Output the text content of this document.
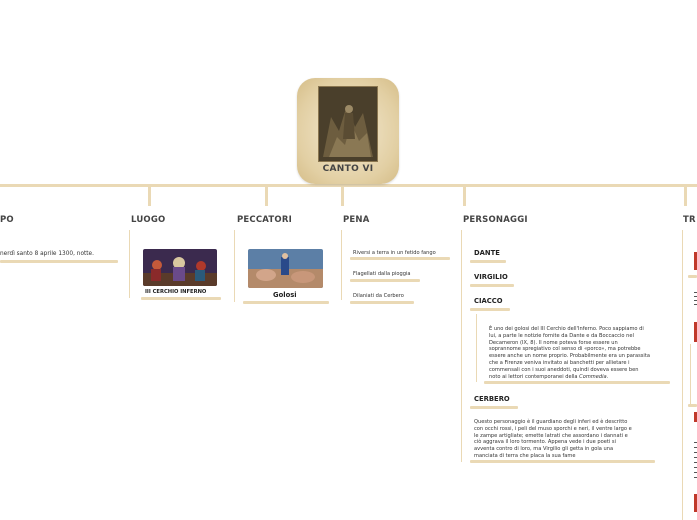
CANTO VI
PO
nerdì santo 8 aprile 1300, notte.
LUOGO
III CERCHIO INFERNO
PECCATORI
Golosi
PENA
Riversi a terra in un fetido fango
Flagellati dalla pioggia
Dilaniati da Cerbero
PERSONAGGI
DANTE
VIRGILIO
CIACCO
È uno dei golosi del III Cerchio dell'Inferno. Poco sappiamo di
lui, a parte le notizie fornite da Dante e da Boccaccio nel
Decameron (IX, 8). Il nome poteva forse essere un
soprannome spregiativo col senso di «porco», ma potrebbe
essere anche un nome proprio. Probabilmente era un parassita
che a Firenze veniva invitato ai banchetti per allietare i
commensali con i suoi aneddoti, quindi doveva essere ben
noto ai lettori contemporanei della Commedia.
CERBERO
Questo personaggio è il guardiano degli inferi ed è descritto
con occhi rossi, i peli del muso sporchi e neri, il ventre largo e
le zampe artigliate; emette latrati che assordano i dannati e
ciò aggrava il loro tormento. Appena vede i due poeti si
avventa contro di loro, ma Virgilio gli getta in gola una
manciata di terra che placa la sua fame
TR
